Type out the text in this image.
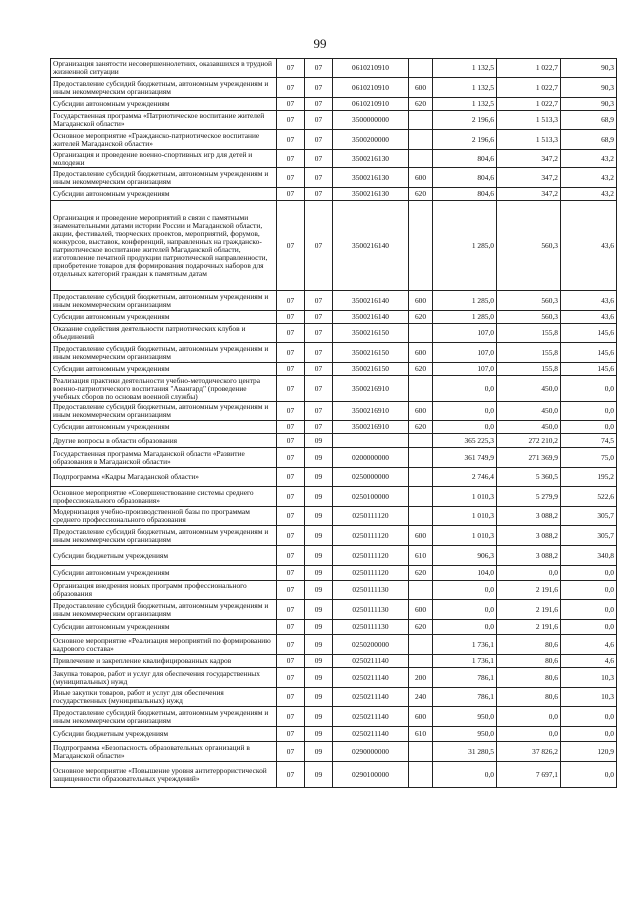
99
Организация занятости несовершеннолетних, оказавшихся в трудной жизненной ситуации	07	07	0610210910		1 132,5	1 022,7	90,3
Предоставление субсидий бюджетным, автономным учреждениям и иным некоммерческим организациям	07	07	0610210910	600	1 132,5	1 022,7	90,3
Субсидии автономным учреждениям	07	07	0610210910	620	1 132,5	1 022,7	90,3
Государственная программа «Патриотическое воспитание жителей Магаданской области»	07	07	3500000000		2 196,6	1 513,3	68,9
Основное мероприятие «Гражданско-патриотическое воспитание жителей Магаданской области»	07	07	3500200000		2 196,6	1 513,3	68,9
Организация и проведение военно-спортивных игр для детей и молодежи	07	07	3500216130		804,6	347,2	43,2
Предоставление субсидий бюджетным, автономным учреждениям и иным некоммерческим организациям	07	07	3500216130	600	804,6	347,2	43,2
Субсидии автономным учреждениям	07	07	3500216130	620	804,6	347,2	43,2
Организация и проведение мероприятий в связи с памятными знаменательными датами истории России и Магаданской области, акции, фестивалей, творческих проектов, мероприятий, форумов, конкурсов, выставок, конференций, направленных на гражданско-патриотическое воспитание жителей Магаданской области, изготовление печатной продукции патриотической направленности, приобретение товаров для формирования подарочных наборов для отдельных категорий граждан к памятным датам	07	07	3500216140		1 285,0	560,3	43,6
Предоставление субсидий бюджетным, автономным учреждениям и иным некоммерческим организациям	07	07	3500216140	600	1 285,0	560,3	43,6
Субсидии автономным учреждениям	07	07	3500216140	620	1 285,0	560,3	43,6
Оказание содействия деятельности патриотических клубов и объединений	07	07	3500216150		107,0	155,8	145,6
Предоставление субсидий бюджетным, автономным учреждениям и иным некоммерческим организациям	07	07	3500216150	600	107,0	155,8	145,6
Субсидии автономным учреждениям	07	07	3500216150	620	107,0	155,8	145,6
Реализация практики деятельности учебно-методического центра военно-патриотического воспитания "Авангард" (проведение учебных сборов по основам военной службы)	07	07	3500216910		0,0	450,0	0,0
Предоставление субсидий бюджетным, автономным учреждениям и иным некоммерческим организациям	07	07	3500216910	600	0,0	450,0	0,0
Субсидии автономным учреждениям	07	07	3500216910	620	0,0	450,0	0,0
Другие вопросы в области образования	07	09			365 225,3	272 210,2	74,5
Государственная программа Магаданской области «Развитие образования в Магаданской области»	07	09	0200000000		361 749,9	271 369,9	75,0
Подпрограмма «Кадры Магаданской области»	07	09	0250000000		2 746,4	5 360,5	195,2
Основное мероприятие «Совершенствование системы среднего профессионального образования»	07	09	0250100000		1 010,3	5 279,9	522,6
Модернизация учебно-производственной базы по программам среднего профессионального образования	07	09	0250111120		1 010,3	3 088,2	305,7
Предоставление субсидий бюджетным, автономным учреждениям и иным некоммерческим организациям	07	09	0250111120	600	1 010,3	3 088,2	305,7
Субсидии бюджетным учреждениям	07	09	0250111120	610	906,3	3 088,2	340,8
Субсидии автономным учреждениям	07	09	0250111120	620	104,0	0,0	0,0
Организация внедрения новых программ профессионального образования	07	09	0250111130		0,0	2 191,6	0,0
Предоставление субсидий бюджетным, автономным учреждениям и иным некоммерческим организациям	07	09	0250111130	600	0,0	2 191,6	0,0
Субсидии автономным учреждениям	07	09	0250111130	620	0,0	2 191,6	0,0
Основное мероприятие «Реализация мероприятий по формированию кадрового состава»	07	09	0250200000		1 736,1	80,6	4,6
Привлечение и закрепление квалифицированных кадров	07	09	0250211140		1 736,1	80,6	4,6
Закупка товаров, работ и услуг для обеспечения государственных (муниципальных) нужд	07	09	0250211140	200	786,1	80,6	10,3
Иные закупки товаров, работ и услуг для обеспечения государственных (муниципальных) нужд	07	09	0250211140	240	786,1	80,6	10,3
Предоставление субсидий бюджетным, автономным учреждениям и иным некоммерческим организациям	07	09	0250211140	600	950,0	0,0	0,0
Субсидии бюджетным учреждениям	07	09	0250211140	610	950,0	0,0	0,0
Подпрограмма «Безопасность образовательных организаций в Магаданской области»	07	09	0290000000		31 280,5	37 826,2	120,9
Основное мероприятие «Повышение уровня антитеррористической защищенности образовательных учреждений»	07	09	0290100000		0,0	7 697,1	0,0
